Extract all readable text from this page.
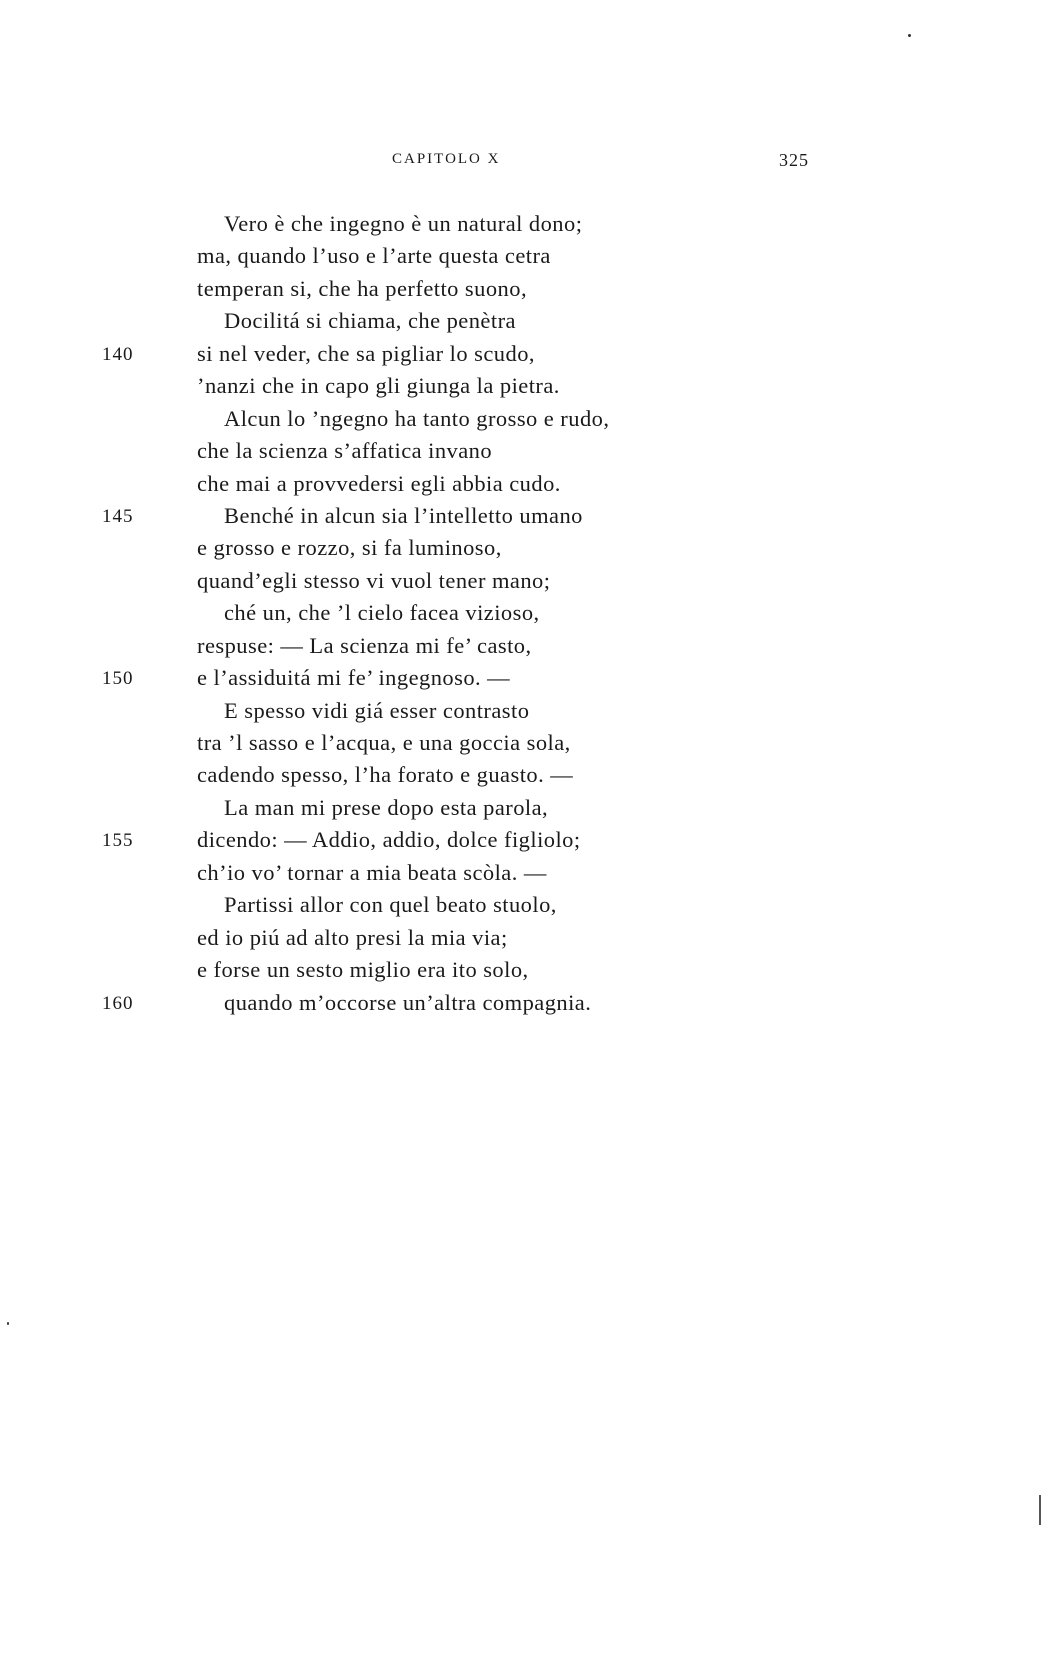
CAPITOLO X	325
Vero è che ingegno è un natural dono;
ma, quando l’uso e l’arte questa cetra
temperan si, che ha perfetto suono,
Docilitá si chiama, che penètra
140	si nel veder, che sa pigliar lo scudo,
’nanzi che in capo gli giunga la pietra.
Alcun lo ’ngegno ha tanto grosso e rudo,
che la scienza s’affatica invano
che mai a provvedersi egli abbia cudo.
145	Benché in alcun sia l’intelletto umano
e grosso e rozzo, si fa luminoso,
quand’egli stesso vi vuol tener mano;
ché un, che ’l cielo facea vizioso,
respuse: — La scienza mi fe’ casto,
150	e l’assiduitá mi fe’ ingegnoso. —
E spesso vidi giá esser contrasto
tra ’l sasso e l’acqua, e una goccia sola,
cadendo spesso, l’ha forato e guasto. —
La man mi prese dopo esta parola,
155	dicendo: — Addio, addio, dolce figliolo;
ch’io vo’ tornar a mia beata scòla. —
Partissi allor con quel beato stuolo,
ed io piú ad alto presi la mia via;
e forse un sesto miglio era ito solo,
160	quando m’occorse un’altra compagnia.
